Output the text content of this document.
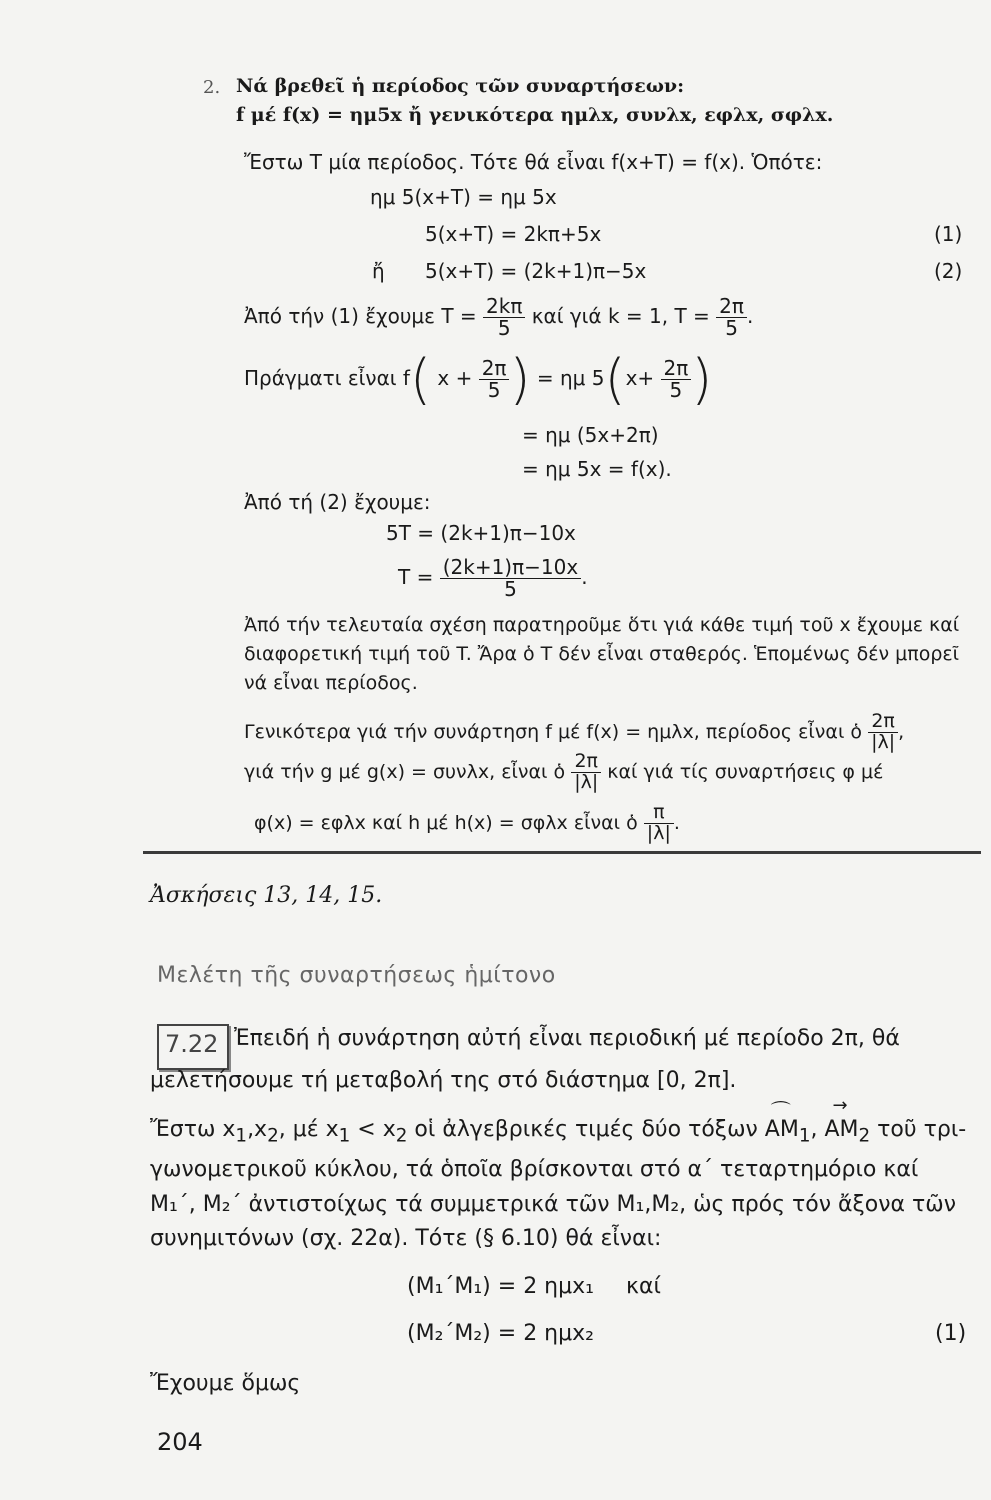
2. Νά βρεθεῖ ἡ περίοδος τῶν συναρτήσεων:
f μέ f(x) = ημ5x ἤ γενικότερα ημλx, συνλx, εφλx, σφλx.
Ἔστω T μία περίοδος. Τότε θά εἶναι f(x+T) = f(x). Ὁπότε:
ημ 5(x+T) = ημ 5x
5(x+T) = 2kπ+5x	(1)
ἤ 5(x+T) = (2k+1)π−5x	(2)
Ἀπό τήν (1) ἔχουμε $T = \frac{2k\pi}{5}$ καί γιά k = 1, $T = \frac{2\pi}{5}$ .
Πράγματι εἶναι f( $x + \frac{2\pi}{5}$ ) = ημ $5(x+ \frac{2\pi}{5}$ )
= ημ (5x+2π)
= ημ 5x = f(x).
Ἀπό τή (2) ἔχουμε:
5T = (2k+1)π−10x
$T = \frac{(2k+1)\pi-10x}{5}$ .
Ἀπό τήν τελευταία σχέση παρατηροῦμε ὅτι γιά κάθε τιμή τοῦ x ἔχουμε καί
διαφορετική τιμή τοῦ T. Ἄρα ὁ T δέν εἶναι σταθερός. Ἑπομένως δέν μπορεῖ
νά εἶναι περίοδος.
Γενικότερα γιά τήν συνάρτηση f μέ f(x) = ημλx, περίοδος εἶναι ὁ $\frac{2\pi}{|\lambda|}$ ,
γιά τήν g μέ g(x) = συνλx, εἶναι ὁ $\frac{2\pi}{|\lambda|}$ καί γιά τίς συναρτήσεις φ μέ
φ(x) = εφλx καί h μέ h(x) = σφλx εἶναι ὁ $\frac{\pi}{|\lambda|}$ .
Ἀσκήσεις 13, 14, 15.
Μελέτη τῆς συναρτήσεως ἡμίτονο
7.22 Ἐπειδή ἡ συνάρτηση αὐτή εἶναι περιοδική μέ περίοδο 2π, θά
μελετήσουμε τή μεταβολή της στό διάστημα [0, 2π].
Ἔστω $x_1,x_2$, μέ $x_1 < x_2$ οἱ ἀλγεβρικές τιμές δύο τόξων ⌒ $AM_1$, → $AM_2$ τοῦ τρι-
γωνομετρικοῦ κύκλου, τά ὁποῖα βρίσκονται στό α΄ τεταρτημόριο καί
M₁΄, M₂΄ ἀντιστοίχως τά συμμετρικά τῶν M₁,M₂, ὡς πρός τόν ἄξονα τῶν
συνημιτόνων (σχ. 22α). Τότε (§ 6.10) θά εἶναι:
(M₁΄M₁) = 2 ημx₁ καί
(M₂΄M₂) = 2 ημx₂	(1)
Ἔχουμε ὅμως
204
